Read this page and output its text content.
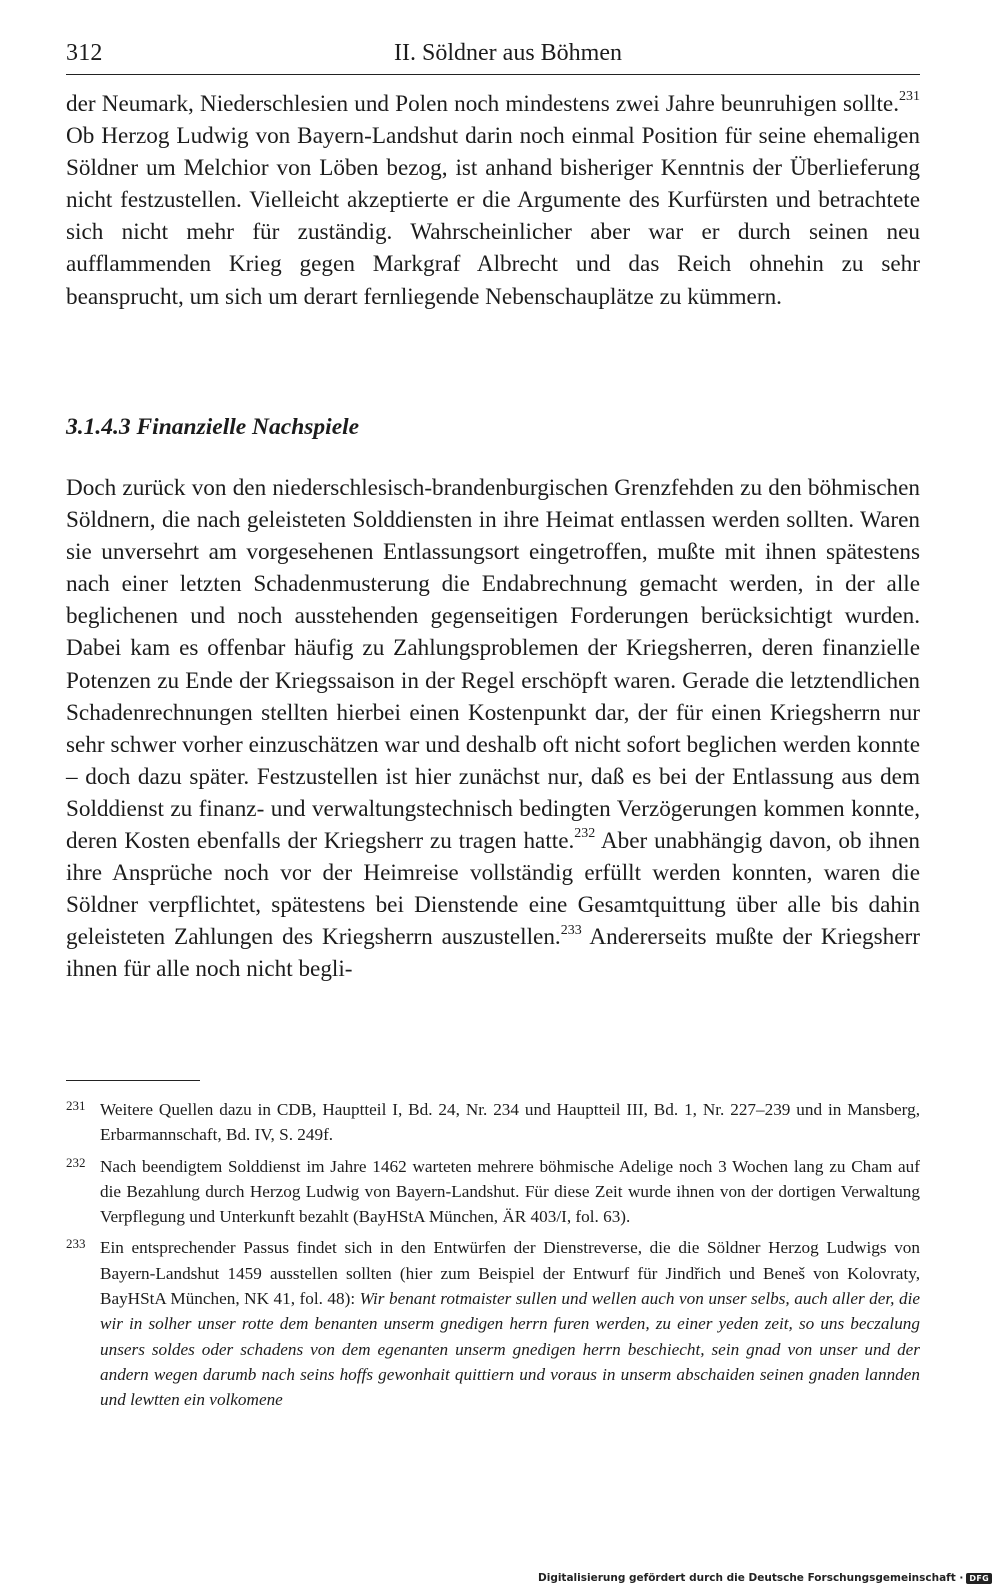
312	II. Söldner aus Böhmen

der Neumark, Niederschlesien und Polen noch mindestens zwei Jahre beunruhigen sollte.$^{231}$ Ob Herzog Ludwig von Bayern-Landshut darin noch einmal Position für seine ehemaligen Söldner um Melchior von Löben bezog, ist anhand bisheriger Kenntnis der Überlieferung nicht festzustellen. Vielleicht akzeptierte er die Argumente des Kurfürsten und betrachtete sich nicht mehr für zuständig. Wahrscheinlicher aber war er durch seinen neu aufflammenden Krieg gegen Markgraf Albrecht und das Reich ohnehin zu sehr beansprucht, um sich um derart fernliegende Nebenschauplätze zu kümmern.

3.1.4.3 Finanzielle Nachspiele

Doch zurück von den niederschlesisch-brandenburgischen Grenzfehden zu den böhmischen Söldnern, die nach geleisteten Solddiensten in ihre Heimat entlassen werden sollten. Waren sie unversehrt am vorgesehenen Entlassungsort eingetroffen, mußte mit ihnen spätestens nach einer letzten Schadenmusterung die Endabrechnung gemacht werden, in der alle beglichenen und noch ausstehenden gegenseitigen Forderungen berücksichtigt wurden. Dabei kam es offenbar häufig zu Zahlungsproblemen der Kriegsherren, deren finanzielle Potenzen zu Ende der Kriegssaison in der Regel erschöpft waren. Gerade die letztendlichen Schadenrechnungen stellten hierbei einen Kostenpunkt dar, der für einen Kriegsherrn nur sehr schwer vorher einzuschätzen war und deshalb oft nicht sofort beglichen werden konnte – doch dazu später. Festzustellen ist hier zunächst nur, daß es bei der Entlassung aus dem Solddienst zu finanz- und verwaltungstechnisch bedingten Verzögerungen kommen konnte, deren Kosten ebenfalls der Kriegsherr zu tragen hatte.$^{232}$ Aber unabhängig davon, ob ihnen ihre Ansprüche noch vor der Heimreise vollständig erfüllt werden konnten, waren die Söldner verpflichtet, spätestens bei Dienstende eine Gesamtquittung über alle bis dahin geleisteten Zahlungen des Kriegsherrn auszustellen.$^{233}$ Andererseits mußte der Kriegsherr ihnen für alle noch nicht begli-

231 Weitere Quellen dazu in CDB, Hauptteil I, Bd. 24, Nr. 234 und Hauptteil III, Bd. 1, Nr. 227–239 und in Mansberg, Erbarmannschaft, Bd. IV, S. 249f.

232 Nach beendigtem Solddienst im Jahre 1462 warteten mehrere böhmische Adelige noch 3 Wochen lang zu Cham auf die Bezahlung durch Herzog Ludwig von Bayern-Landshut. Für diese Zeit wurde ihnen von der dortigen Verwaltung Verpflegung und Unterkunft bezahlt (BayHStA München, ÄR 403/I, fol. 63).

233 Ein entsprechender Passus findet sich in den Entwürfen der Dienstreverse, die die Söldner Herzog Ludwigs von Bayern-Landshut 1459 ausstellen sollten (hier zum Beispiel der Entwurf für Jindřich und Beneš von Kolovraty, BayHStA München, NK 41, fol. 48): Wir benant rotmaister sullen und wellen auch von unser selbs, auch aller der, die wir in solher unser rotte dem benanten unserm gnedigen herrn furen werden, zu einer yeden zeit, so uns beczalung unsers soldes oder schadens von dem egenanten unserm gnedigen herrn beschiecht, sein gnad von unser und der andern wegen darumb nach seins hoffs gewonhait quittiern und voraus in unserm abschaiden seinen gnaden lannden und lewtten ein volkomene

Digitalisierung gefördert durch die Deutsche Forschungsgemeinschaft · DFG
